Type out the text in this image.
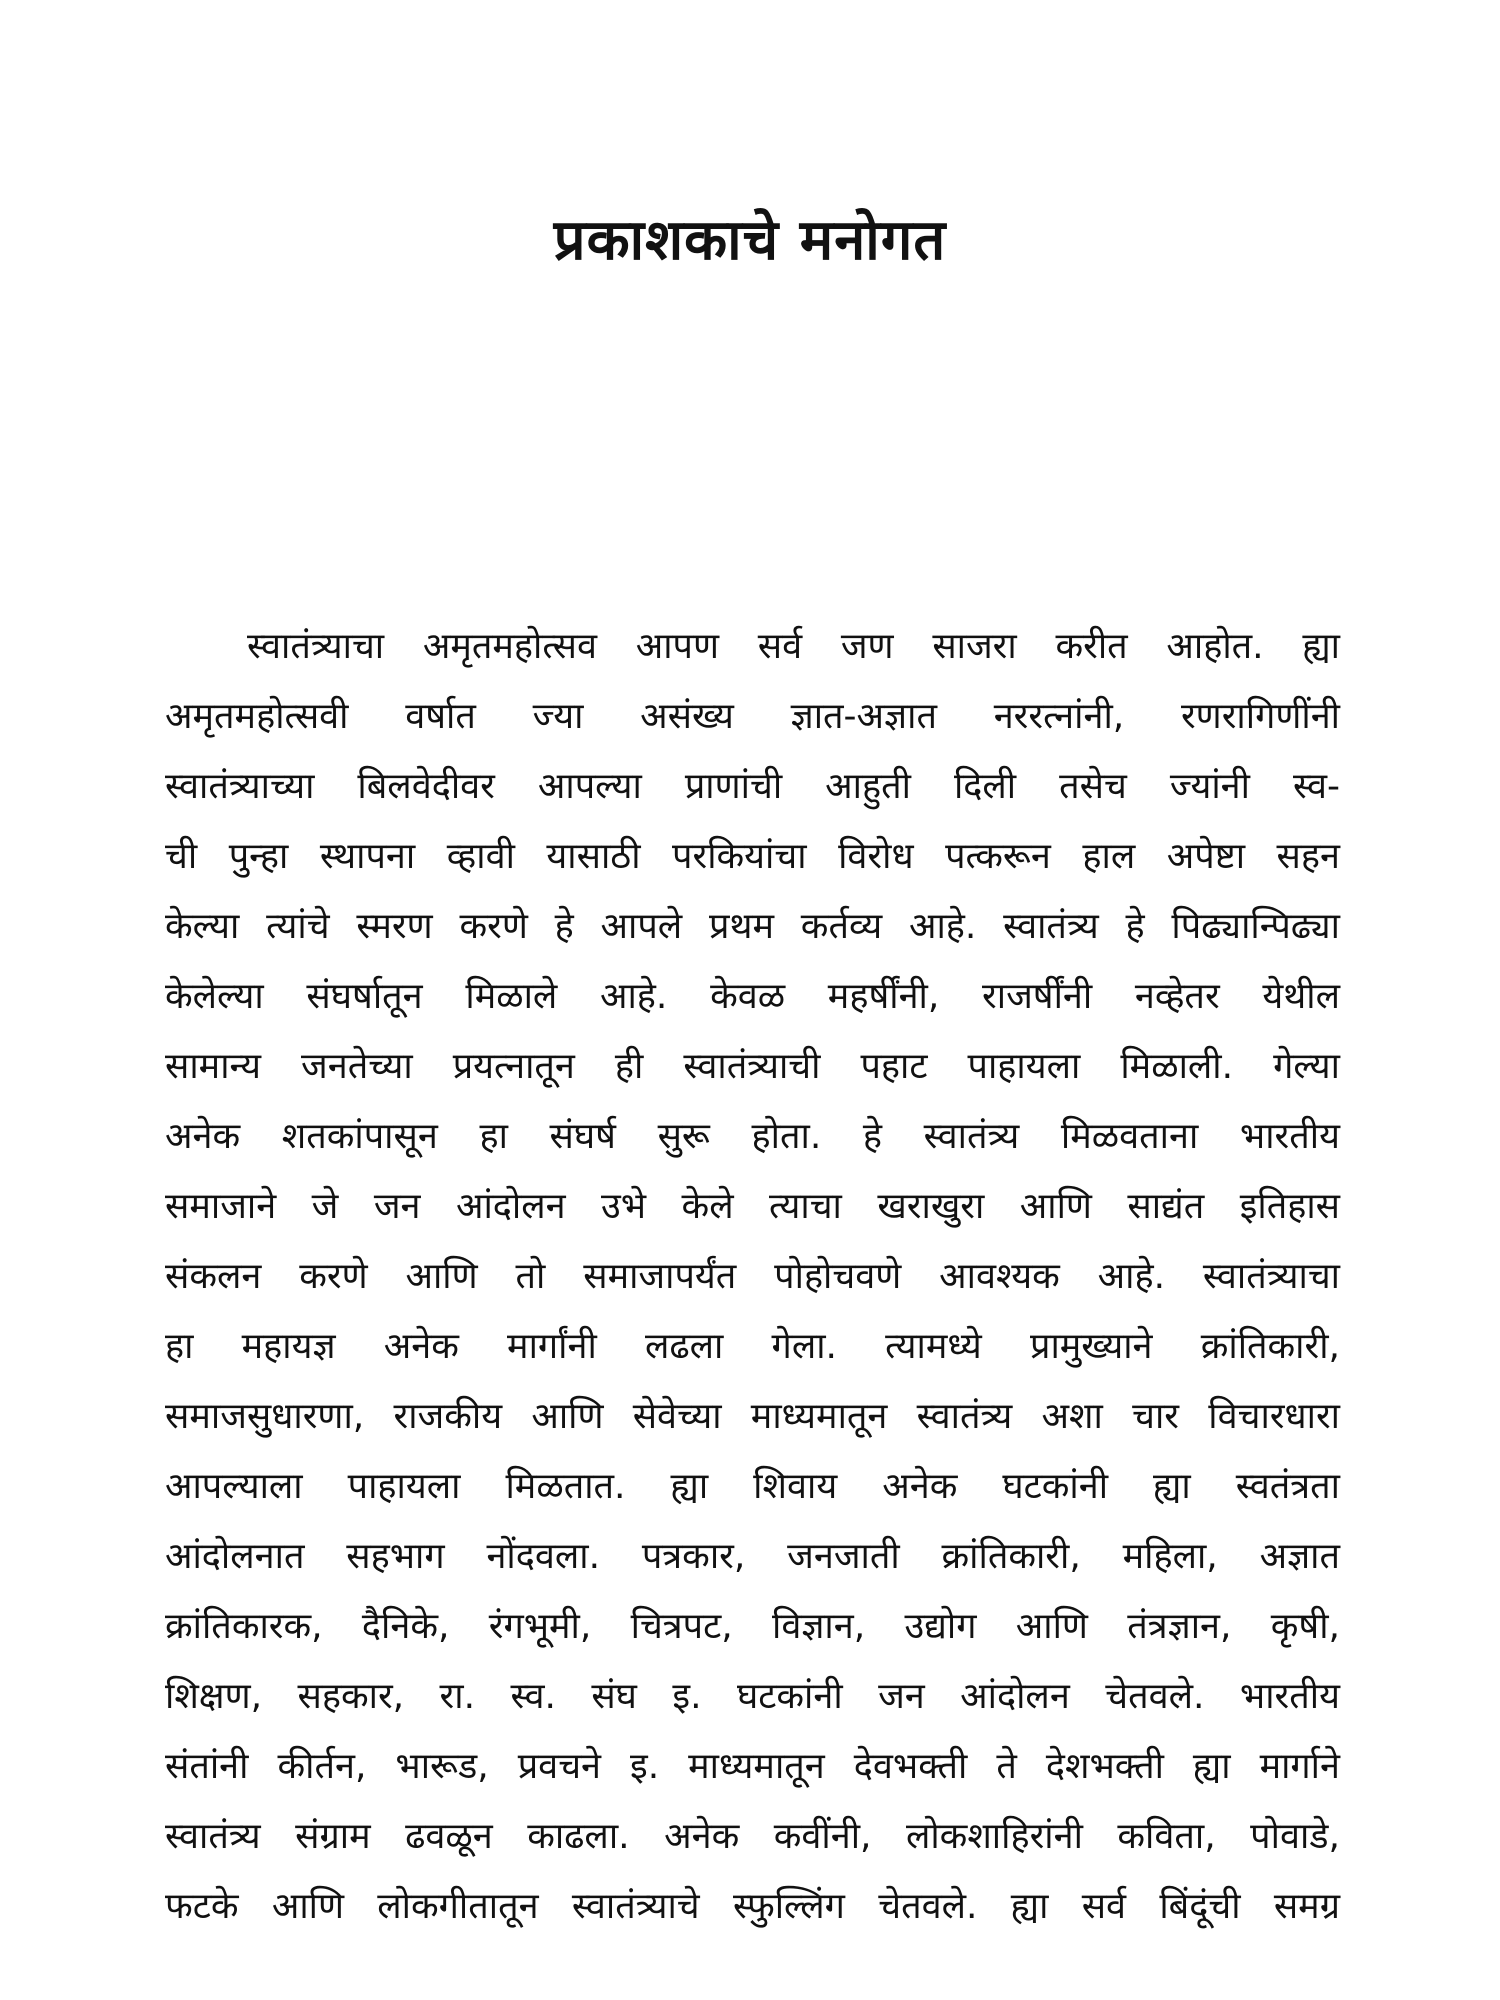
प्रकाशकाचे मनोगत
स्वातंत्र्याचा अमृतमहोत्सव आपण सर्व जण साजरा करीत आहोत. ह्या
अमृतमहोत्सवी वर्षात ज्या असंख्य ज्ञात-अज्ञात नररत्नांनी, रणरागिणींनी
स्वातंत्र्याच्या बिलवेदीवर आपल्या प्राणांची आहुती दिली तसेच ज्यांनी स्व-
ची पुन्हा स्थापना व्हावी यासाठी परकियांचा विरोध पत्करून हाल अपेष्टा सहन
केल्या त्यांचे स्मरण करणे हे आपले प्रथम कर्तव्य आहे. स्वातंत्र्य हे पिढ्यान्पिढ्या
केलेल्या संघर्षातून मिळाले आहे. केवळ महर्षींनी, राजर्षींनी नव्हेतर येथील
सामान्य जनतेच्या प्रयत्नातून ही स्वातंत्र्याची पहाट पाहायला मिळाली. गेल्या
अनेक शतकांपासून हा संघर्ष सुरू होता. हे स्वातंत्र्य मिळवताना भारतीय
समाजाने जे जन आंदोलन उभे केले त्याचा खराखुरा आणि साद्यंत इतिहास
संकलन करणे आणि तो समाजापर्यंत पोहोचवणे आवश्यक आहे. स्वातंत्र्याचा
हा महायज्ञ अनेक मार्गांनी लढला गेला. त्यामध्ये प्रामुख्याने क्रांतिकारी,
समाजसुधारणा, राजकीय आणि सेवेच्या माध्यमातून स्वातंत्र्य अशा चार विचारधारा
आपल्याला पाहायला मिळतात. ह्या शिवाय अनेक घटकांनी ह्या स्वतंत्रता
आंदोलनात सहभाग नोंदवला. पत्रकार, जनजाती क्रांतिकारी, महिला, अज्ञात
क्रांतिकारक, दैनिके, रंगभूमी, चित्रपट, विज्ञान, उद्योग आणि तंत्रज्ञान, कृषी,
शिक्षण, सहकार, रा. स्व. संघ इ. घटकांनी जन आंदोलन चेतवले. भारतीय
संतांनी कीर्तन, भारूड, प्रवचने इ. माध्यमातून देवभक्ती ते देशभक्ती ह्या मार्गाने
स्वातंत्र्य संग्राम ढवळून काढला. अनेक कवींनी, लोकशाहिरांनी कविता, पोवाडे,
फटके आणि लोकगीतातून स्वातंत्र्याचे स्फुल्लिंग चेतवले. ह्या सर्व बिंदूंची समग्र
